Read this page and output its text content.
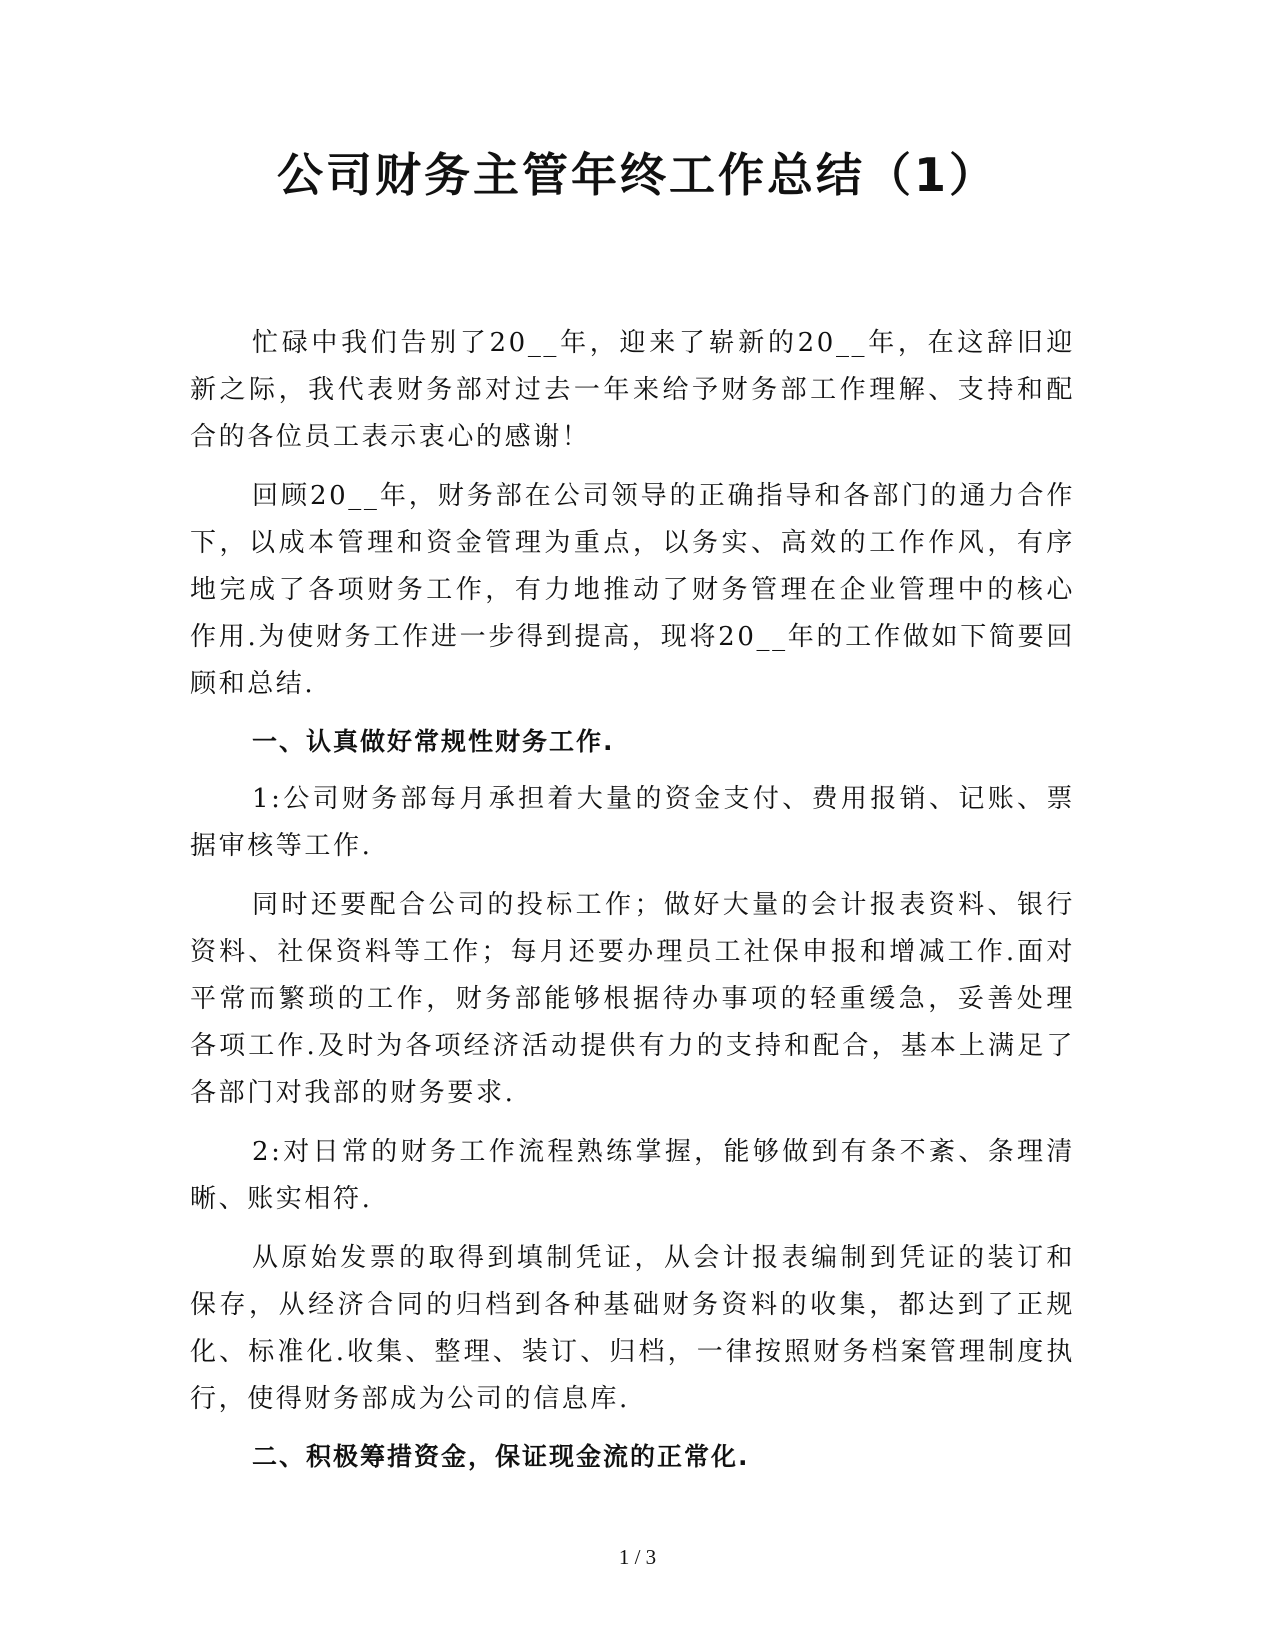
公司财务主管年终工作总结（1）

忙碌中我们告别了20__年，迎来了崭新的20__年，在这辞旧迎新之际，我代表财务部对过去一年来给予财务部工作理解、支持和配合的各位员工表示衷心的感谢！

回顾20__年，财务部在公司领导的正确指导和各部门的通力合作下，以成本管理和资金管理为重点，以务实、高效的工作作风，有序地完成了各项财务工作，有力地推动了财务管理在企业管理中的核心作用.为使财务工作进一步得到提高，现将20__年的工作做如下简要回顾和总结.

一、认真做好常规性财务工作.

1:公司财务部每月承担着大量的资金支付、费用报销、记账、票据审核等工作.

同时还要配合公司的投标工作；做好大量的会计报表资料、银行资料、社保资料等工作；每月还要办理员工社保申报和增减工作.面对平常而繁琐的工作，财务部能够根据待办事项的轻重缓急，妥善处理各项工作.及时为各项经济活动提供有力的支持和配合，基本上满足了各部门对我部的财务要求.

2:对日常的财务工作流程熟练掌握，能够做到有条不紊、条理清晰、账实相符.

从原始发票的取得到填制凭证，从会计报表编制到凭证的装订和保存，从经济合同的归档到各种基础财务资料的收集，都达到了正规化、标准化.收集、整理、装订、归档，一律按照财务档案管理制度执行，使得财务部成为公司的信息库.

二、积极筹措资金，保证现金流的正常化.

1 / 3
